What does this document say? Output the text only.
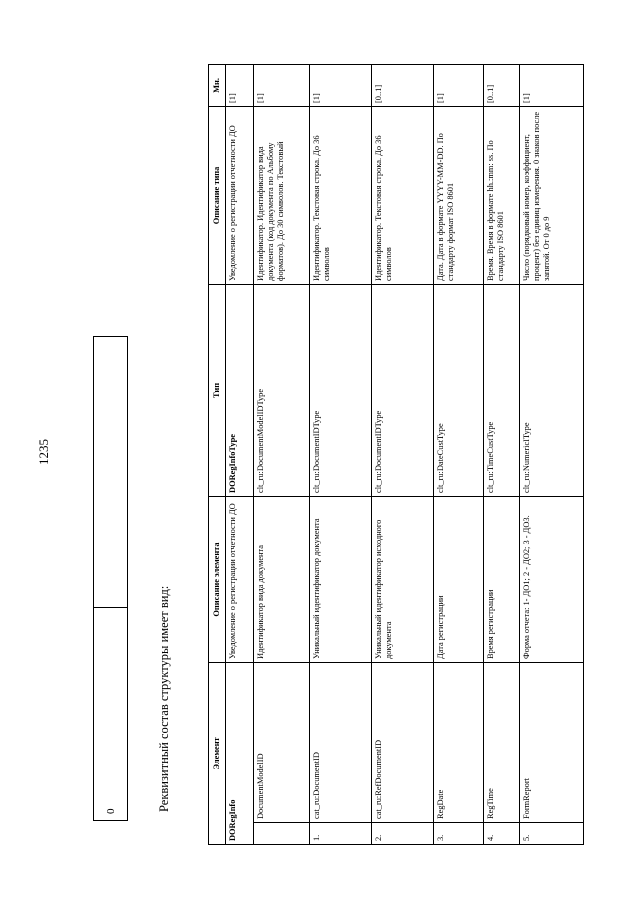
1235
0		Реквизитный состав структуры имеет вид:	Элемент		Описание элемента	Тип	Описание типа	Мн.
DORegInfo		Уведомление о регистрации отчетности ДО	DORegInfoType	Уведомление о регистрации отчетности ДО	[1]
	DocumentModelID	Идентификатор вида документа	clt_ru:DocumentModelIDType	Идентификатор. Идентификатор вида документа (код документа по Альбому форматов). До 30 символов. Текстовый	[1]
1.	cat_ru:DocumentID	Уникальный идентификатор документа	clt_ru:DocumentIDType	Идентификатор. Текстовая строка. До 36 символов	[1]
2.	cat_ru:RefDocumentID	Уникальный идентификатор исходного документа	clt_ru:DocumentIDType	Идентификатор. Текстовая строка. До 36 символов	[0..1]
3.	RegDate	Дата регистрации	clt_ru:DateCustType	Дата. Дата в формате YYYY-MM-DD. По стандарту формат ISO 8601	[1]
4.	RegTime	Время регистрации	clt_ru:TimeCustType	Время. Время в формате hh.:mm: ss. По стандарту ISO 8601	[0..1]
5.	FormReport	Форма отчета: 1- ДО1; 2 - ДО2; 3 - ДО3.	clt_ru:NumericIType	Число (порядковый номер, коэффициент, процент) без единиц измерения. 0 знаков после запятой. От 0 до 9	[1]
